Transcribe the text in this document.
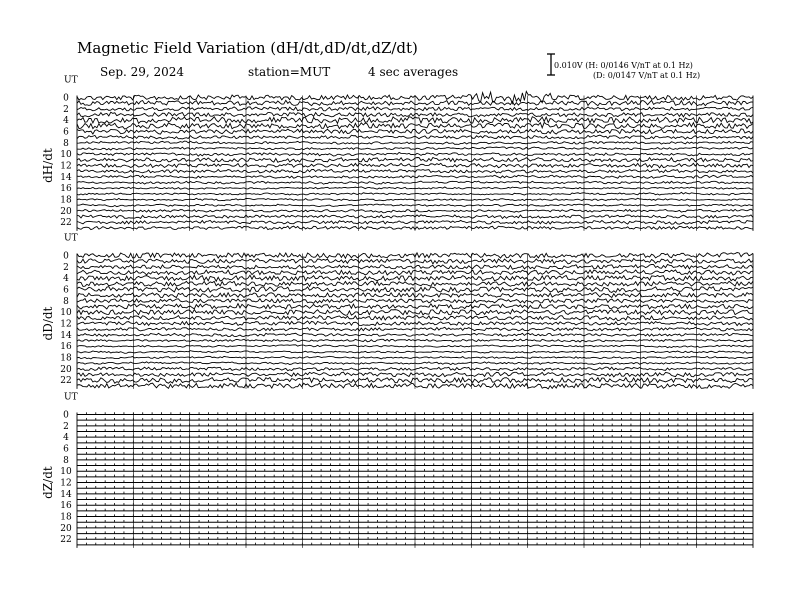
Magnetic Field Variation (dH/dt,dD/dt,dZ/dt)
Sep. 29, 2024	station=MUT	4 sec averages	0.010V (H: 0/0146 V/nT at 0.1 Hz)
(D: 0/0147 V/nT at 0.1 Hz)
UT
dH/dt
0
2
4
6
8
10
12
14
16
18
20
22
UT
dD/dt
0
2
4
6
8
10
12
14
16
18
20
22
UT
dZ/dt
0
2
4
6
8
10
12
14
16
18
20
22
